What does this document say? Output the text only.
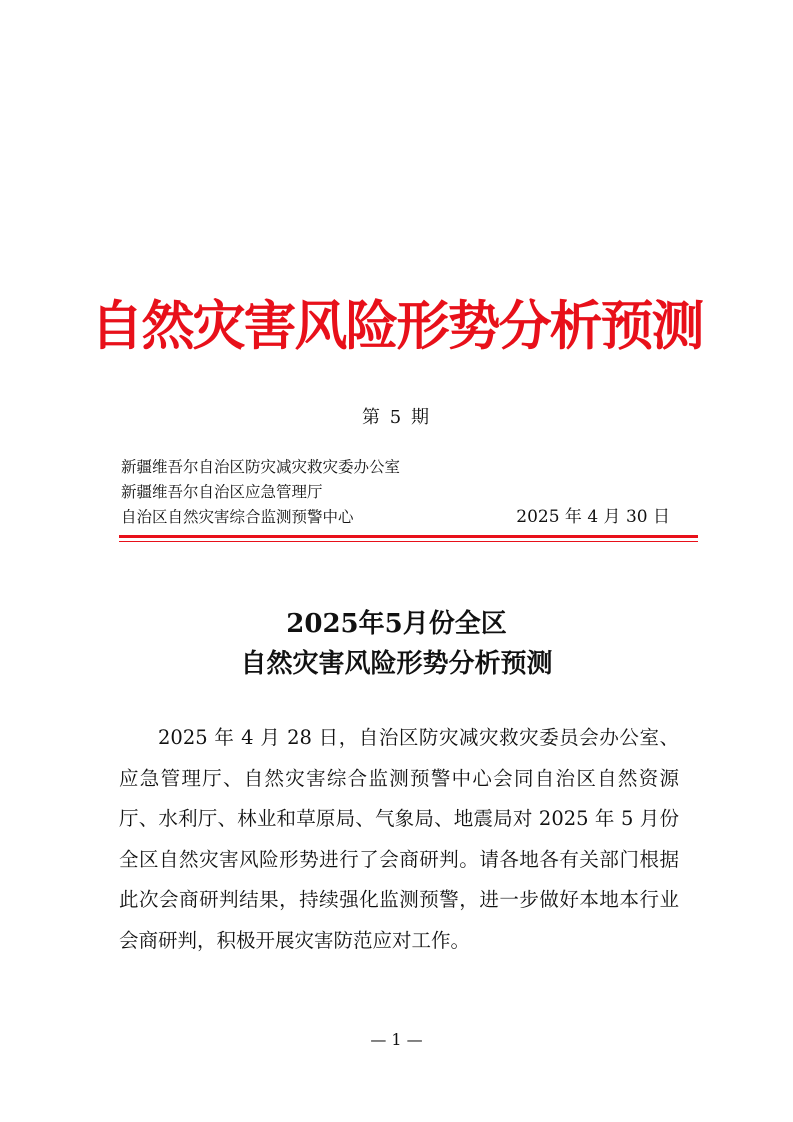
自然灾害风险形势分析预测
第 5 期
新疆维吾尔自治区防灾减灾救灾委办公室
新疆维吾尔自治区应急管理厅
自治区自然灾害综合监测预警中心	2025 年 4 月 30 日
2025年5月份全区
自然灾害风险形势分析预测

2025 年 4 月 28 日，自治区防灾减灾救灾委员会办公室、应急管理厅、自然灾害综合监测预警中心会同自治区自然资源厅、水利厅、林业和草原局、气象局、地震局对 2025 年 5 月份全区自然灾害风险形势进行了会商研判。请各地各有关部门根据此次会商研判结果，持续强化监测预警，进一步做好本地本行业会商研判，积极开展灾害防范应对工作。

— 1 —
